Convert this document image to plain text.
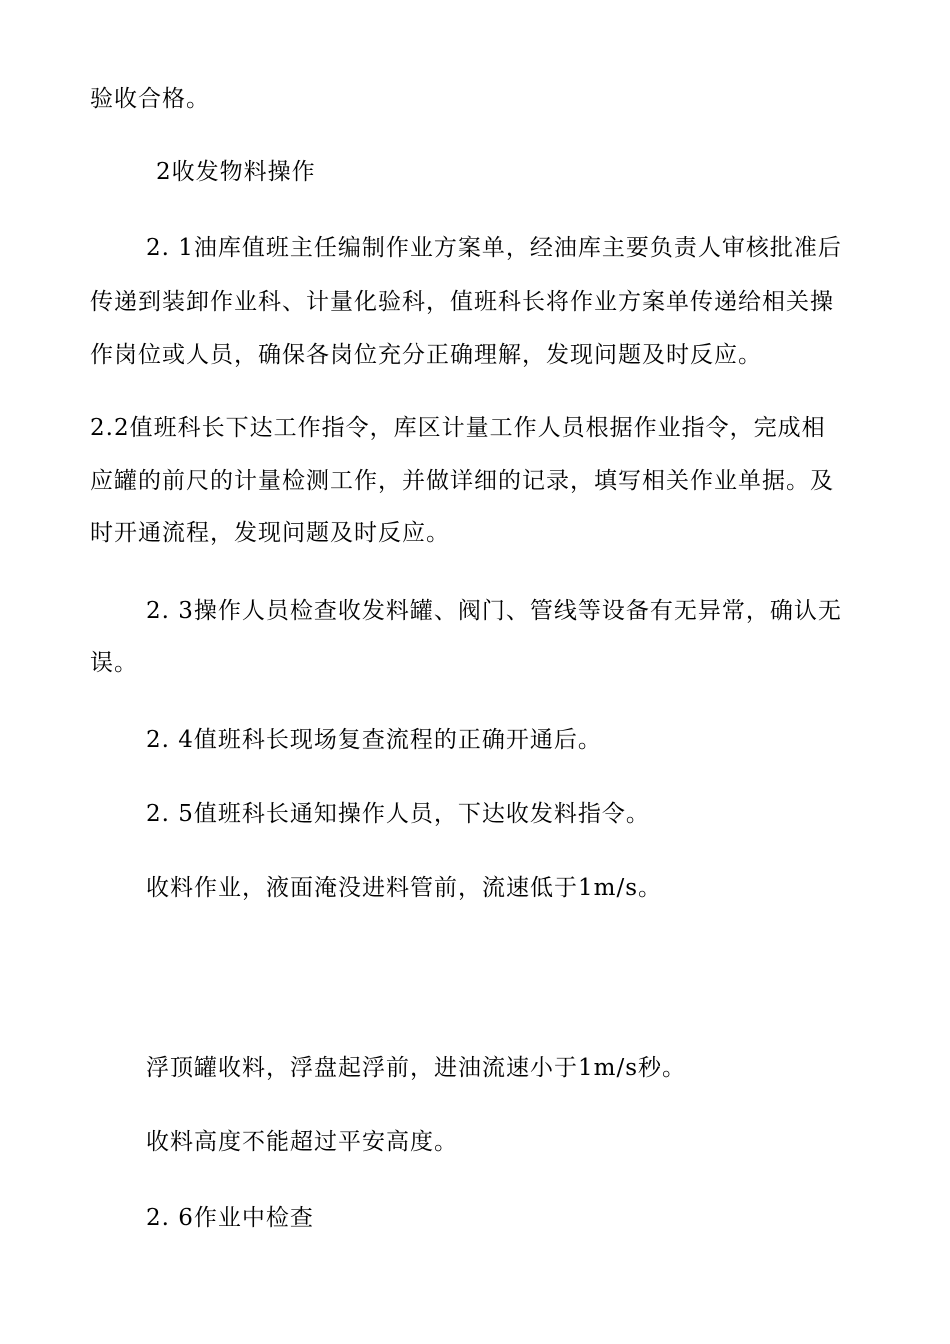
验收合格。
2收发物料操作
2. 1油库值班主任编制作业方案单，经油库主要负责人审核批准后
传递到装卸作业科、计量化验科，值班科长将作业方案单传递给相关操
作岗位或人员，确保各岗位充分正确理解，发现问题及时反应。
2.2值班科长下达工作指令，库区计量工作人员根据作业指令，完成相
应罐的前尺的计量检测工作，并做详细的记录，填写相关作业单据。及
时开通流程，发现问题及时反应。
2. 3操作人员检查收发料罐、阀门、管线等设备有无异常，确认无
误。
2. 4值班科长现场复查流程的正确开通后。
2. 5值班科长通知操作人员，下达收发料指令。
收料作业，液面淹没进料管前，流速低于1m/s。
浮顶罐收料，浮盘起浮前，进油流速小于1m/s秒。
收料高度不能超过平安高度。
2. 6作业中检查
